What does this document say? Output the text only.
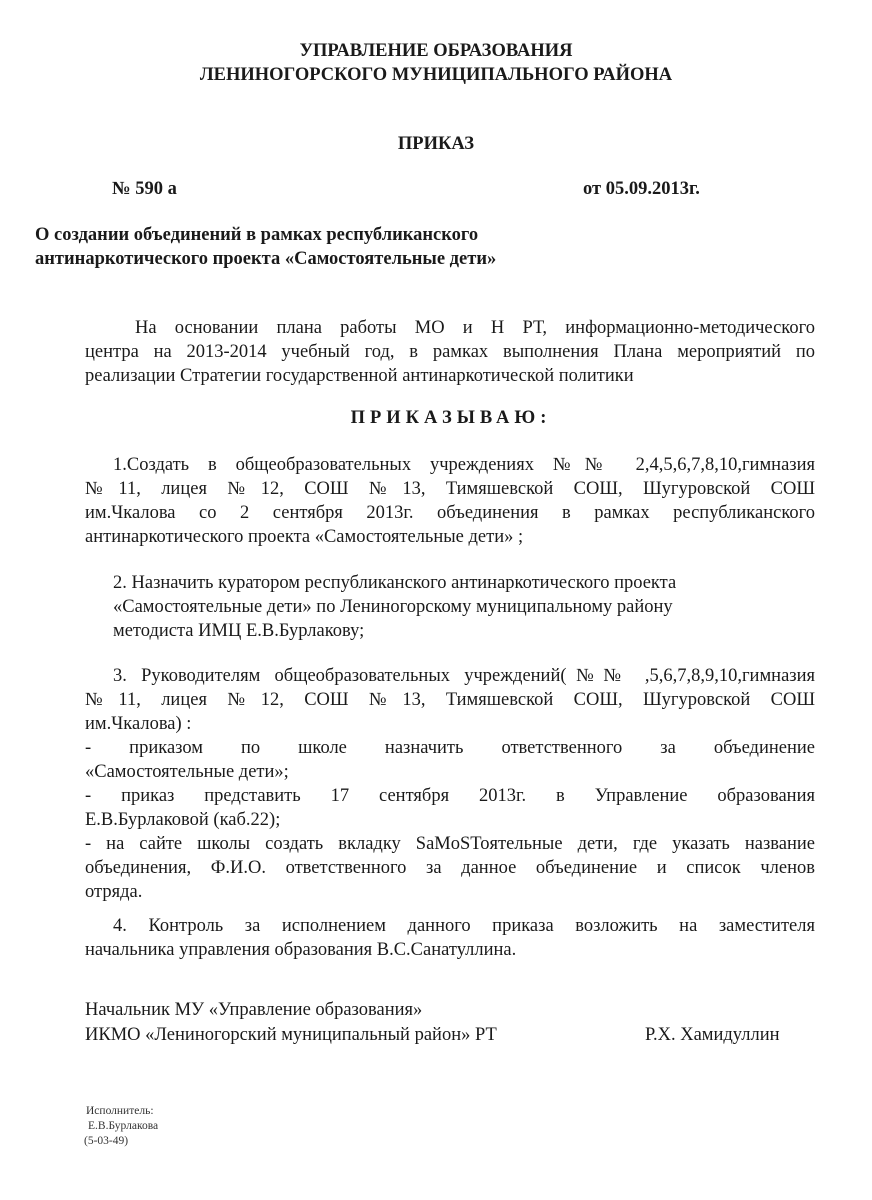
УПРАВЛЕНИЕ ОБРАЗОВАНИЯ
ЛЕНИНОГОРСКОГО МУНИЦИПАЛЬНОГО РАЙОНА
ПРИКАЗ
№ 590 а	от 05.09.2013г.
О создании объединений в рамках республиканского
антинаркотического проекта «Самостоятельные дети»
На основании плана работы МО и Н РТ, информационно-методического
центра на 2013-2014 учебный год, в рамках выполнения Плана мероприятий по
реализации Стратегии государственной антинаркотической политики
ПРИКАЗЫВАЮ:
1.Создать в общеобразовательных учреждениях №№ 2,4,5,6,7,8,10,гимназия
№11, лицея №12, СОШ №13, Тимяшевской СОШ, Шугуровской СОШ
им.Чкалова со 2 сентября 2013г. объединения в рамках республиканского
антинаркотического проекта «Самостоятельные дети» ;
2. Назначить куратором республиканского антинаркотического проекта
«Самостоятельные дети» по Лениногорскому муниципальному району
методиста ИМЦ Е.В.Бурлакову;
3. Руководителям общеобразовательных учреждений(№№ ,5,6,7,8,9,10,гимназия
№11, лицея №12, СОШ №13, Тимяшевской СОШ, Шугуровской СОШ
им.Чкалова) :
- приказом по школе назначить ответственного за объединение
«Самостоятельные дети»;
- приказ представить 17 сентября 2013г. в Управление образования
Е.В.Бурлаковой (каб.22);
- на сайте школы создать вкладку SaMoSToятельные дети, где указать название
объединения, Ф.И.О. ответственного за данное объединение и список членов
отряда.
4. Контроль за исполнением данного приказа возложить на заместителя
начальника управления образования В.С.Санатуллина.
Начальник МУ «Управление образования»
ИКМО «Лениногорский муниципальный район» РТ	Р.Х. Хамидуллин
Исполнитель:
Е.В.Бурлакова
(5-03-49)
